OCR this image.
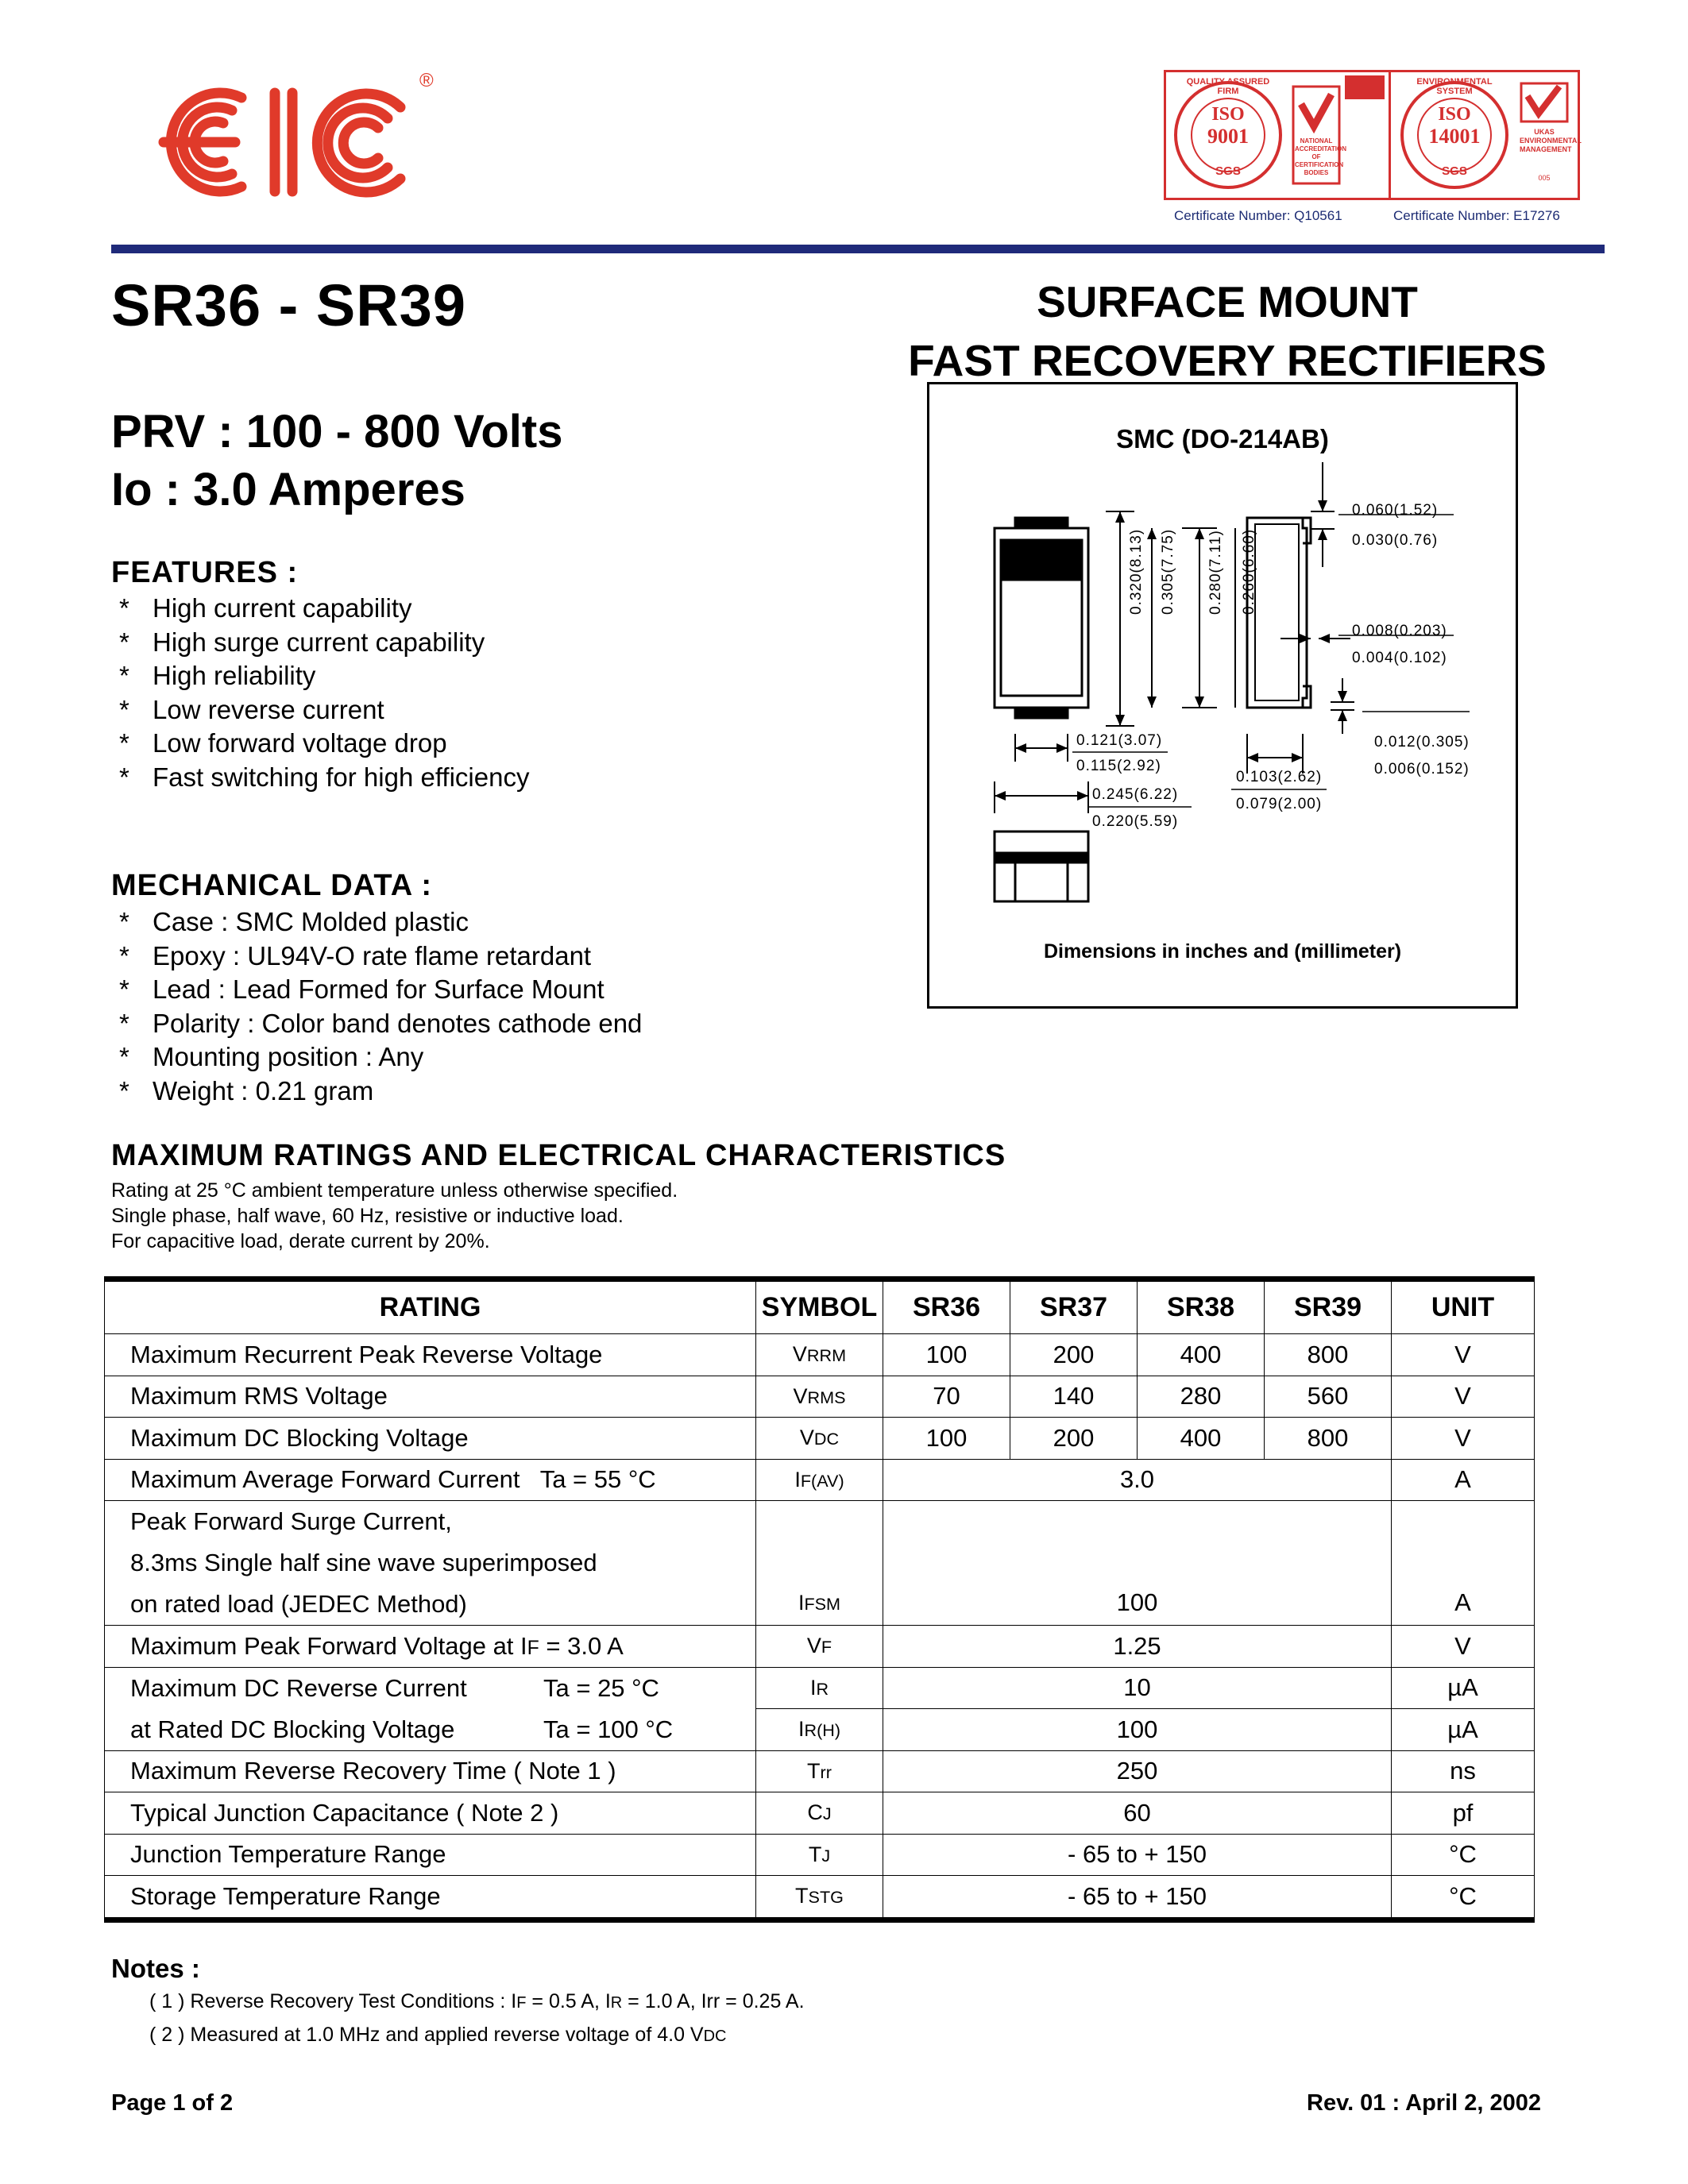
®	QUALITY ASSURED FIRM
ISO
9001
SGS
NATIONAL ACCREDITATION OF CERTIFICATION BODIES
Certificate Number: Q10561
ENVIRONMENTAL SYSTEM
ISO
14001
SGS
UKAS ENVIRONMENTAL MANAGEMENT
005
Certificate Number: E17276
SR36 - SR39	SURFACE MOUNT
FAST RECOVERY RECTIFIERS
PRV : 100 - 800 Volts
Io : 3.0 Amperes
FEATURES :
* High current capability
* High surge current capability
* High reliability
* Low reverse current
* Low forward voltage drop
* Fast switching for high efficiency
MECHANICAL DATA :
* Case : SMC Molded plastic
* Epoxy : UL94V-O rate flame retardant
* Lead : Lead Formed for Surface Mount
* Polarity : Color band denotes cathode end
* Mounting position : Any
* Weight : 0.21 gram
SMC (DO-214AB)
0.060(1.52)
0.030(0.76)
0.008(0.203)
0.004(0.102)
0.012(0.305)
0.006(0.152)
0.121(3.07)
0.115(2.92)
0.103(2.62)
0.079(2.00)
0.245(6.22)
0.220(5.59)
0.320(8.13) 0.305(7.75) 0.280(7.11) 0.260(6.60)
Dimensions in inches and (millimeter)
MAXIMUM RATINGS AND ELECTRICAL CHARACTERISTICS
Rating at 25 °C ambient temperature unless otherwise specified.
Single phase, half wave, 60 Hz, resistive or inductive load.
For capacitive load, derate current by 20%.
RATING	SYMBOL	SR36	SR37	SR38	SR39	UNIT
Maximum Recurrent Peak Reverse Voltage	VRRM	100	200	400	800	V
Maximum RMS Voltage	VRMS	70	140	280	560	V
Maximum DC Blocking Voltage	VDC	100	200	400	800	V
Maximum Average Forward Current   Ta = 55 °C	IF(AV)	3.0				A

Peak Forward Surge Current,
8.3ms Single half sine wave superimposed
on rated load (JEDEC Method)	IFSM	100				A
Maximum Peak Forward Voltage at IF = 3.0 A	VF	1.25				V
Maximum DC Reverse Current Ta = 25 °C	IR	10				µA
at Rated DC Blocking Voltage Ta = 100 °C	IR(H)	100				µA
Maximum Reverse Recovery Time ( Note 1 )	Trr	250				ns
Typical Junction Capacitance ( Note 2 )	CJ	60				pf
Junction Temperature Range	TJ	- 65 to + 150				°C
Storage Temperature Range	TSTG	- 65 to + 150				°C
Notes :
( 1 ) Reverse Recovery Test Conditions : IF = 0.5 A, IR = 1.0 A, Irr = 0.25 A.
( 2 ) Measured at 1.0 MHz and applied reverse voltage of 4.0 VDC
Page 1 of 2	Rev. 01 : April 2, 2002
